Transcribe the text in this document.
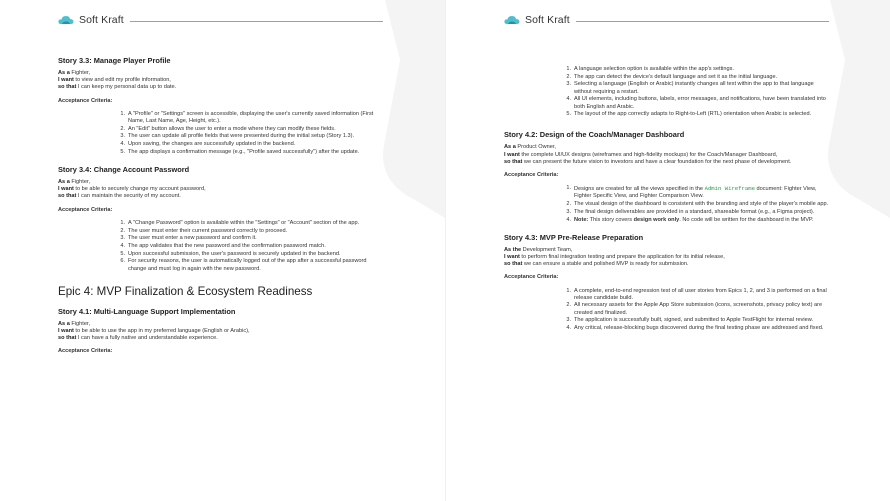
Soft Kraft
Story 3.3: Manage Player Profile

As a Fighter,

I want to view and edit my profile information,

so that I can keep my personal data up to date.

Acceptance Criteria:
1. A "Profile" or "Settings" screen is accessible, displaying the user's currently saved information (First Name, Last Name, Age, Height, etc.).
2. An "Edit" button allows the user to enter a mode where they can modify these fields.
3. The user can update all profile fields that were presented during the initial setup (Story 1.3).
4. Upon saving, the changes are successfully updated in the backend.
5. The app displays a confirmation message (e.g., "Profile saved successfully") after the update.
Story 3.4: Change Account Password

As a Fighter,

I want to be able to securely change my account password,

so that I can maintain the security of my account.

Acceptance Criteria:
1. A "Change Password" option is available within the "Settings" or "Account" section of the app.
2. The user must enter their current password correctly to proceed.
3. The user must enter a new password and confirm it.
4. The app validates that the new password and the confirmation password match.
5. Upon successful submission, the user's password is securely updated in the backend.
6. For security reasons, the user is automatically logged out of the app after a successful password change and must log in again with the new password.
Epic 4: MVP Finalization & Ecosystem Readiness
Story 4.1: Multi-Language Support Implementation

As a Fighter,

I want to be able to use the app in my preferred language (English or Arabic),

so that I can have a fully native and understandable experience.

Acceptance Criteria:
Soft Kraft
1. A language selection option is available within the app's settings.
2. The app can detect the device's default language and set it as the initial language.
3. Selecting a language (English or Arabic) instantly changes all text within the app to that language without requiring a restart.
4. All UI elements, including buttons, labels, error messages, and notifications, have been translated into both English and Arabic.
5. The layout of the app correctly adapts to Right-to-Left (RTL) orientation when Arabic is selected.
Story 4.2: Design of the Coach/Manager Dashboard

As a Product Owner,

I want the complete UI/UX designs (wireframes and high-fidelity mockups) for the Coach/Manager Dashboard,

so that we can present the future vision to investors and have a clear foundation for the next phase of development.

Acceptance Criteria:
1. Designs are created for all the views specified in the Admin Wireframe document: Fighter View, Fighter Specific View, and Fighter Comparison View.
2. The visual design of the dashboard is consistent with the branding and style of the player's mobile app.
3. The final design deliverables are provided in a standard, shareable format (e.g., a Figma project).
4. Note: This story covers design work only. No code will be written for the dashboard in the MVP.
Story 4.3: MVP Pre-Release Preparation

As the Development Team,

I want to perform final integration testing and prepare the application for its initial release,

so that we can ensure a stable and polished MVP is ready for submission.

Acceptance Criteria:
1. A complete, end-to-end regression test of all user stories from Epics 1, 2, and 3 is performed on a final release candidate build.
2. All necessary assets for the Apple App Store submission (icons, screenshots, privacy policy text) are created and finalized.
3. The application is successfully built, signed, and submitted to Apple TestFlight for internal review.
4. Any critical, release-blocking bugs discovered during the final testing phase are addressed and fixed.
